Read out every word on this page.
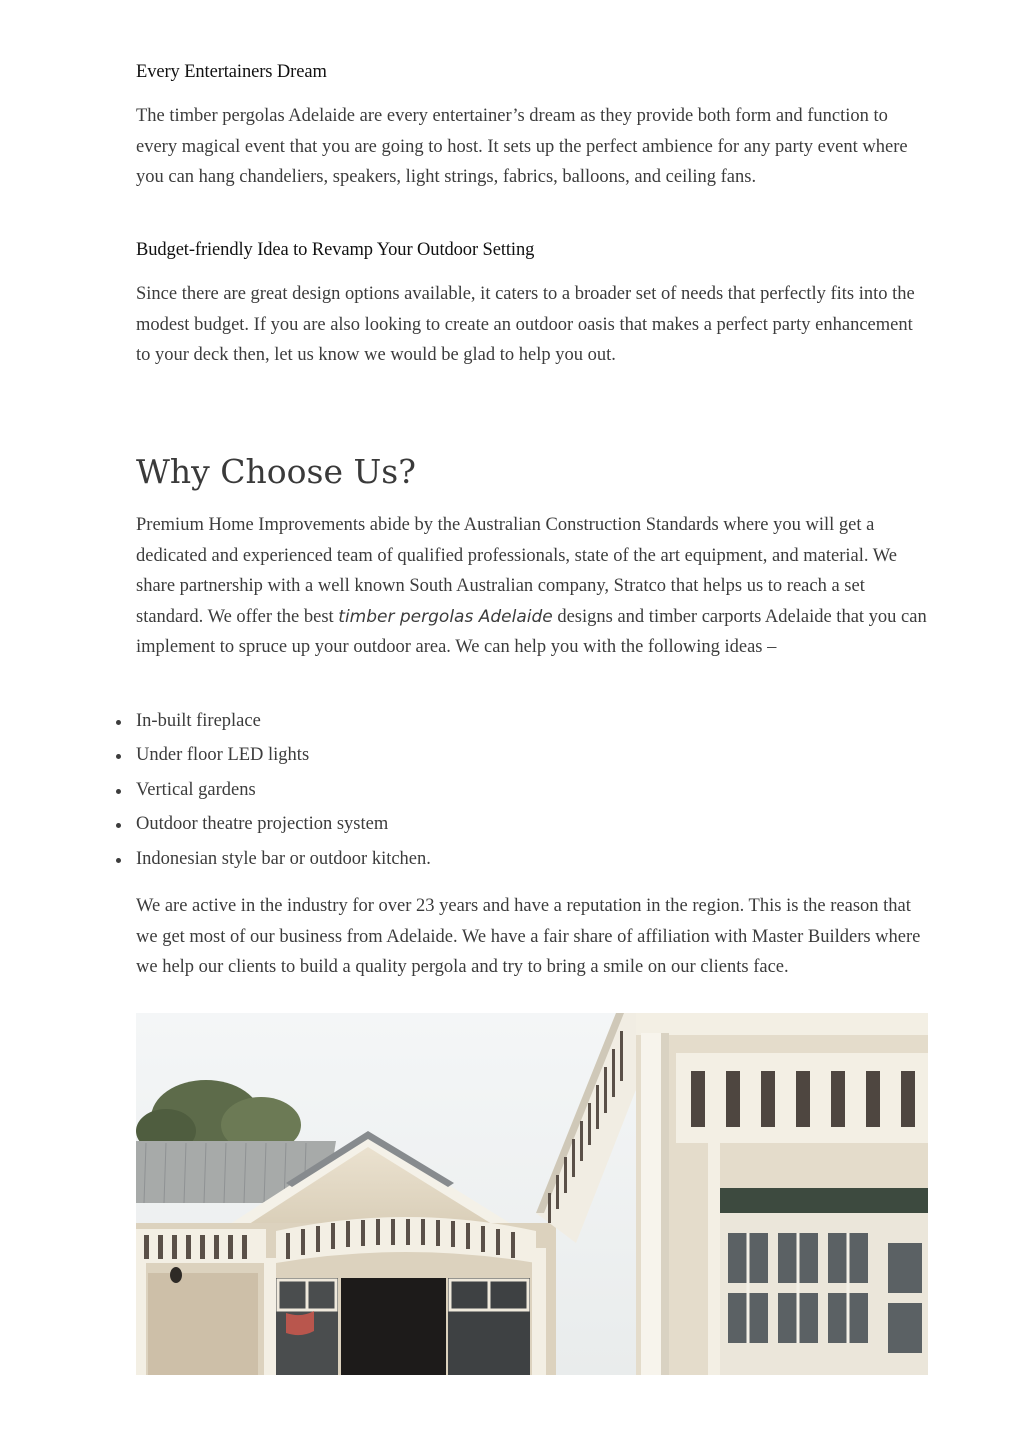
Every Entertainers Dream

The timber pergolas Adelaide are every entertainer’s dream as they provide both form and function to every magical event that you are going to host. It sets up the perfect ambience for any party event where you can hang chandeliers, speakers, light strings, fabrics, balloons, and ceiling fans.

Budget-friendly Idea to Revamp Your Outdoor Setting

Since there are great design options available, it caters to a broader set of needs that perfectly fits into the modest budget. If you are also looking to create an outdoor oasis that makes a perfect party enhancement to your deck then, let us know we would be glad to help you out.

Why Choose Us?

Premium Home Improvements abide by the Australian Construction Standards where you will get a dedicated and experienced team of qualified professionals, state of the art equipment, and material. We share partnership with a well known South Australian company, Stratco that helps us to reach a set standard. We offer the best timber pergolas Adelaide designs and timber carports Adelaide that you can implement to spruce up your outdoor area. We can help you with the following ideas –

In-built fireplace
Under floor LED lights
Vertical gardens
Outdoor theatre projection system
Indonesian style bar or outdoor kitchen.

We are active in the industry for over 23 years and have a reputation in the region. This is the reason that we get most of our business from Adelaide. We have a fair share of affiliation with Master Builders where we help our clients to build a quality pergola and try to bring a smile on our clients face.
